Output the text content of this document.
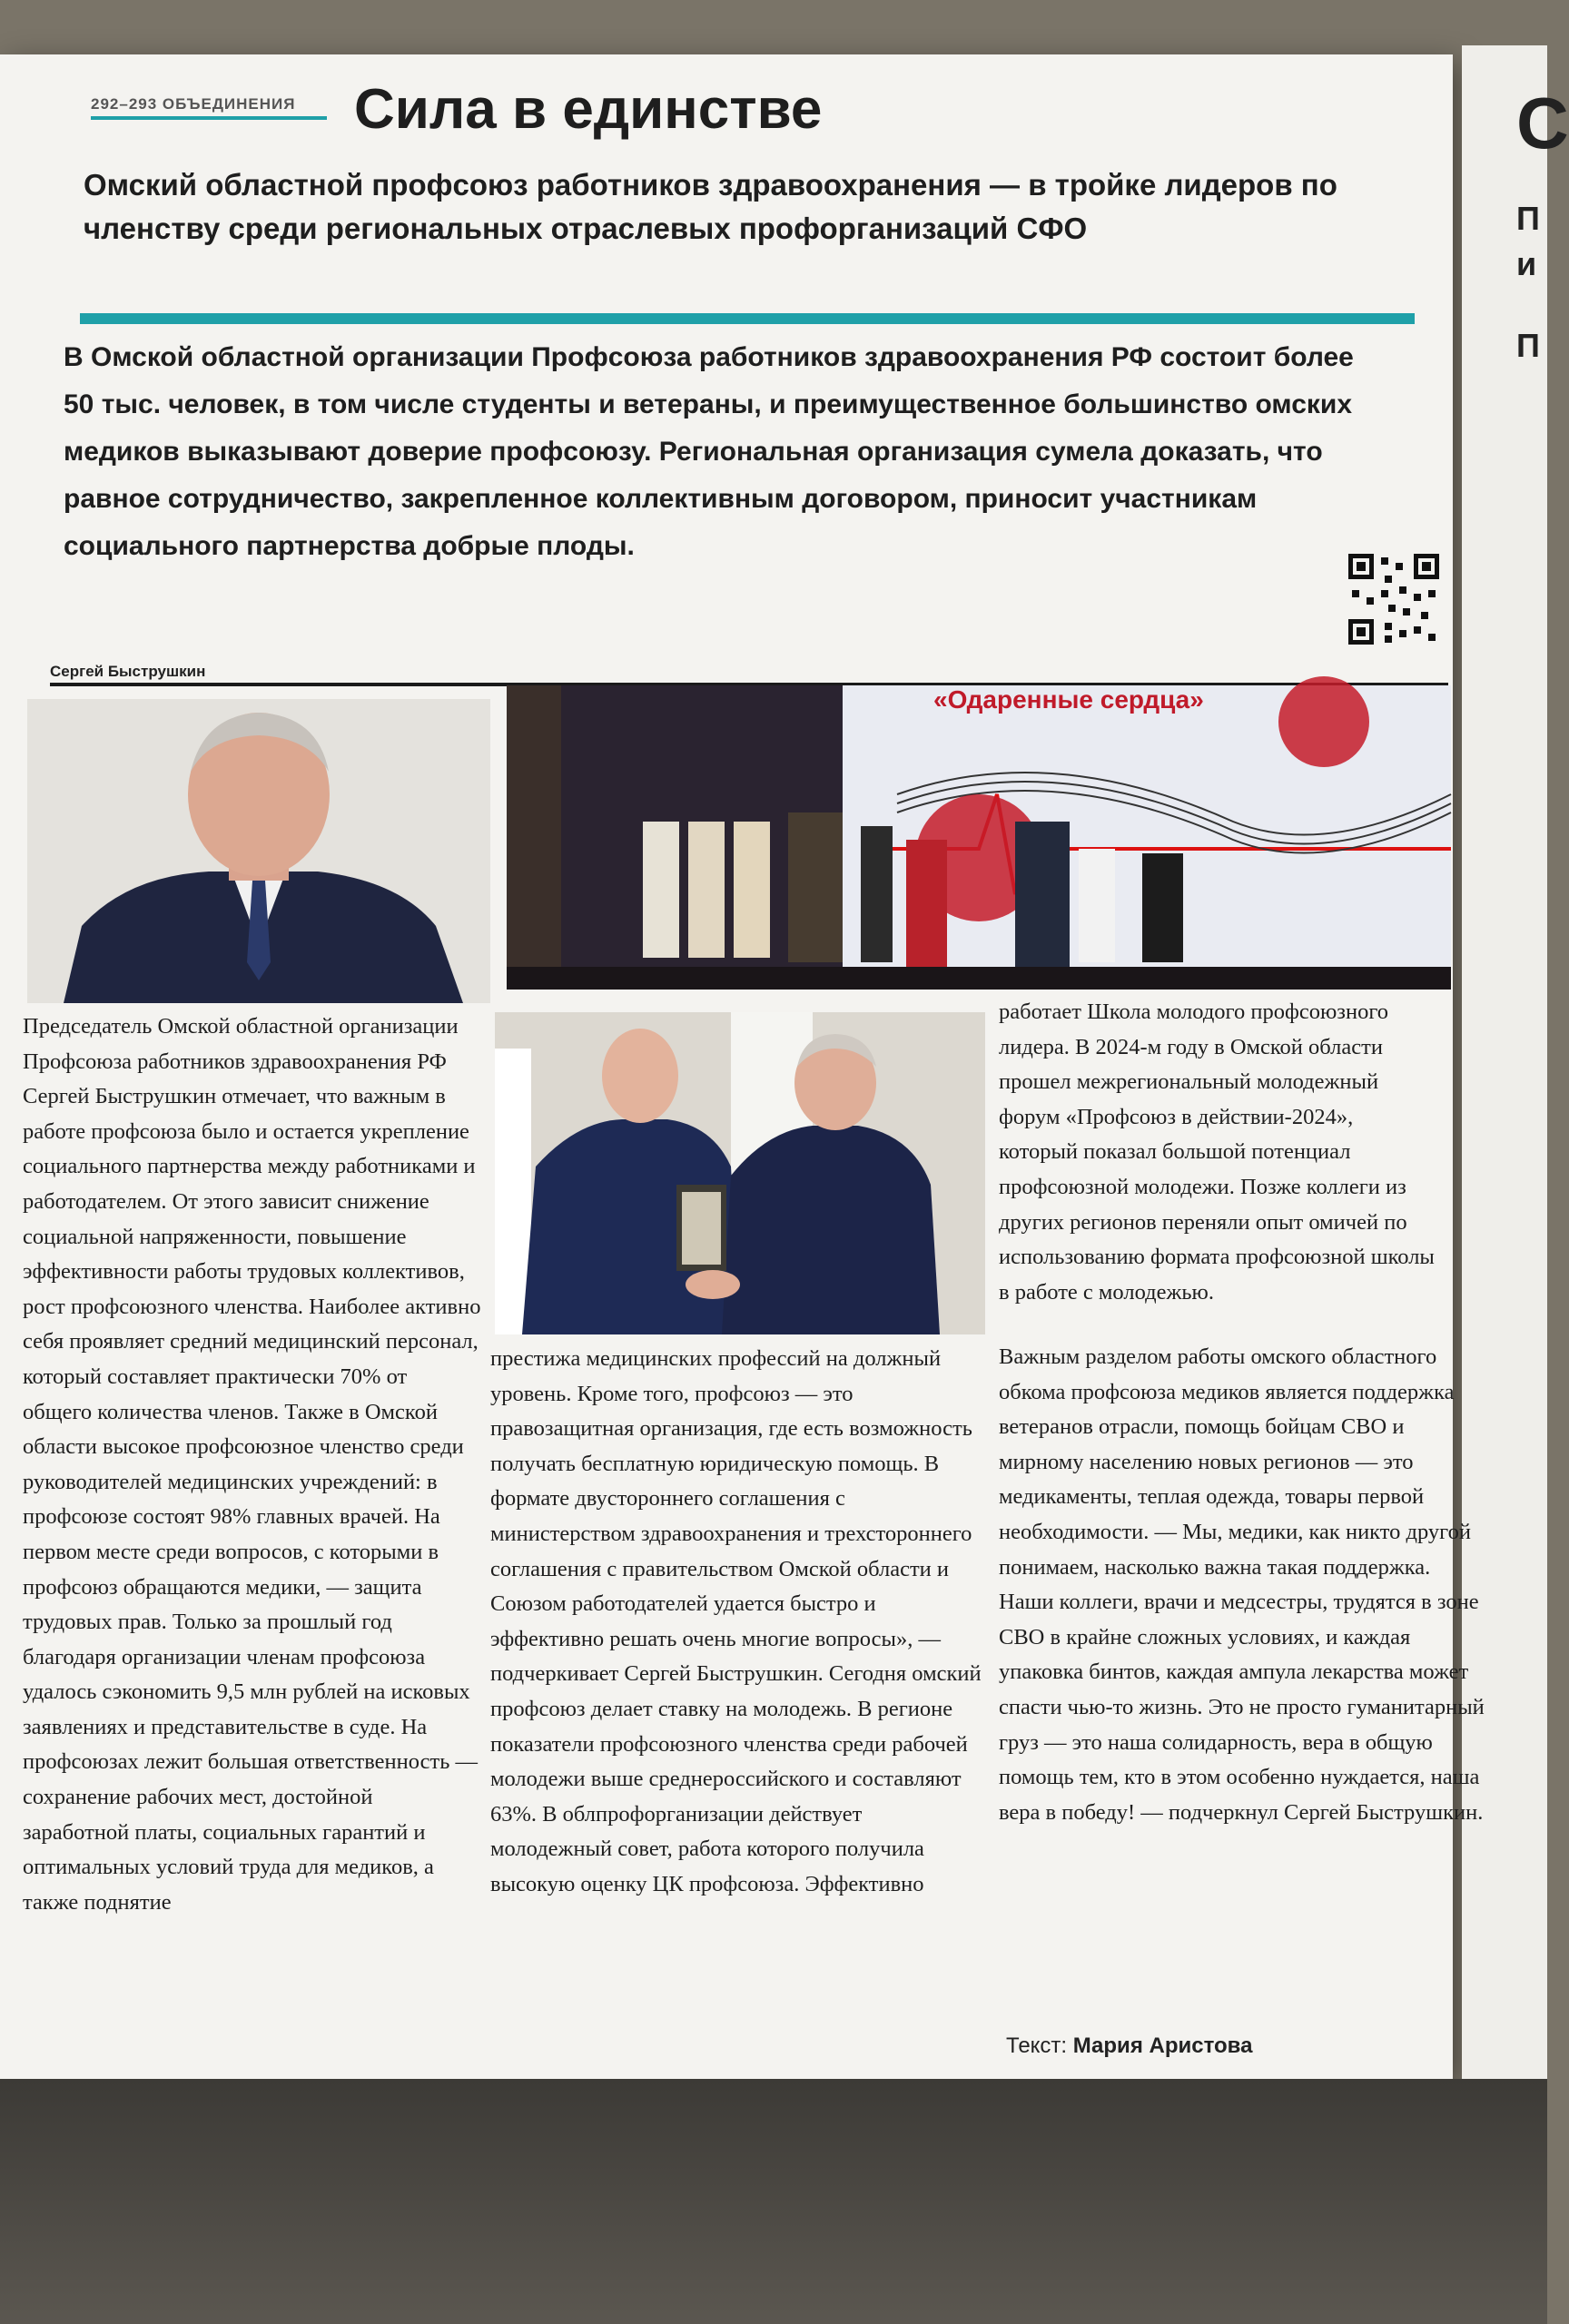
С
П
и
П
292–293 ОБЪЕДИНЕНИЯ Сила в единстве
Омский областной профсоюз работников здравоохранения — в тройке лидеров по членству среди региональных отраслевых профорганизаций СФО
В Омской областной организации Профсоюза работников здравоохранения РФ состоит более 50 тыс. человек, в том числе студенты и ветераны, и преимущественное большинство омских медиков выказывают доверие профсоюзу. Региональная организация сумела доказать, что равное сотрудничество, закрепленное коллективным договором, приносит участникам социального партнерства добрые плоды.
Сергей Быструшкин
«Одаренные сердца»

Председатель Омской областной организации Профсоюза работников здравоохранения РФ Сергей Быструшкин отмечает, что важным в работе профсоюза было и остается укрепление социального партнерства между работниками и работодателем. От этого зависит снижение социальной напряженности, повышение эффективности работы трудовых коллективов, рост профсоюзного членства. Наиболее активно себя проявляет средний медицинский персонал, который составляет практически 70% от общего количества членов. Также в Омской области высокое профсоюзное членство среди руководителей медицинских учреждений: в профсоюзе состоят 98% главных врачей. На первом месте среди вопросов, с которыми в профсоюз обращаются медики, — защита трудовых прав. Только за прошлый год благодаря организации членам профсоюза удалось сэкономить 9,5 млн рублей на исковых заявлениях и представительстве в суде. На профсоюзах лежит большая ответственность — сохранение рабочих мест, достойной заработной платы, социальных гарантий и оптимальных условий труда для медиков, а также поднятие

престижа медицинских профессий на должный уровень. Кроме того, профсоюз — это правозащитная организация, где есть возможность получать бесплатную юридическую помощь. В формате двустороннего соглашения с министерством здравоохранения и трехстороннего соглашения с правительством Омской области и Союзом работодателей удается быстро и эффективно решать очень многие вопросы», — подчеркивает Сергей Быструшкин. Сегодня омский профсоюз делает ставку на молодежь. В регионе показатели профсоюзного членства среди рабочей молодежи выше среднероссийского и составляют 63%. В облпрофорганизации действует молодежный совет, работа которого получила высокую оценку ЦК профсоюза. Эффективно

работает Школа молодого профсоюзного лидера. В 2024-м году в Омской области прошел межрегиональный молодежный форум «Профсоюз в действии-2024», который показал большой потенциал профсоюзной молодежи. Позже коллеги из других регионов переняли опыт омичей по использованию формата профсоюзной школы в работе с молодежью.

Важным разделом работы омского областного обкома профсоюза медиков является поддержка ветеранов отрасли, помощь бойцам СВО и мирному населению новых регионов — это медикаменты, теплая одежда, товары первой необходимости. — Мы, медики, как никто другой понимаем, насколько важна такая поддержка. Наши коллеги, врачи и медсестры, трудятся в зоне СВО в крайне сложных условиях, и каждая упаковка бинтов, каждая ампула лекарства может спасти чью-то жизнь. Это не просто гуманитарный груз — это наша солидарность, вера в общую помощь тем, кто в этом особенно нуждается, наша вера в победу! — подчеркнул Сергей Быструшкин.

Текст: Мария Аристова
